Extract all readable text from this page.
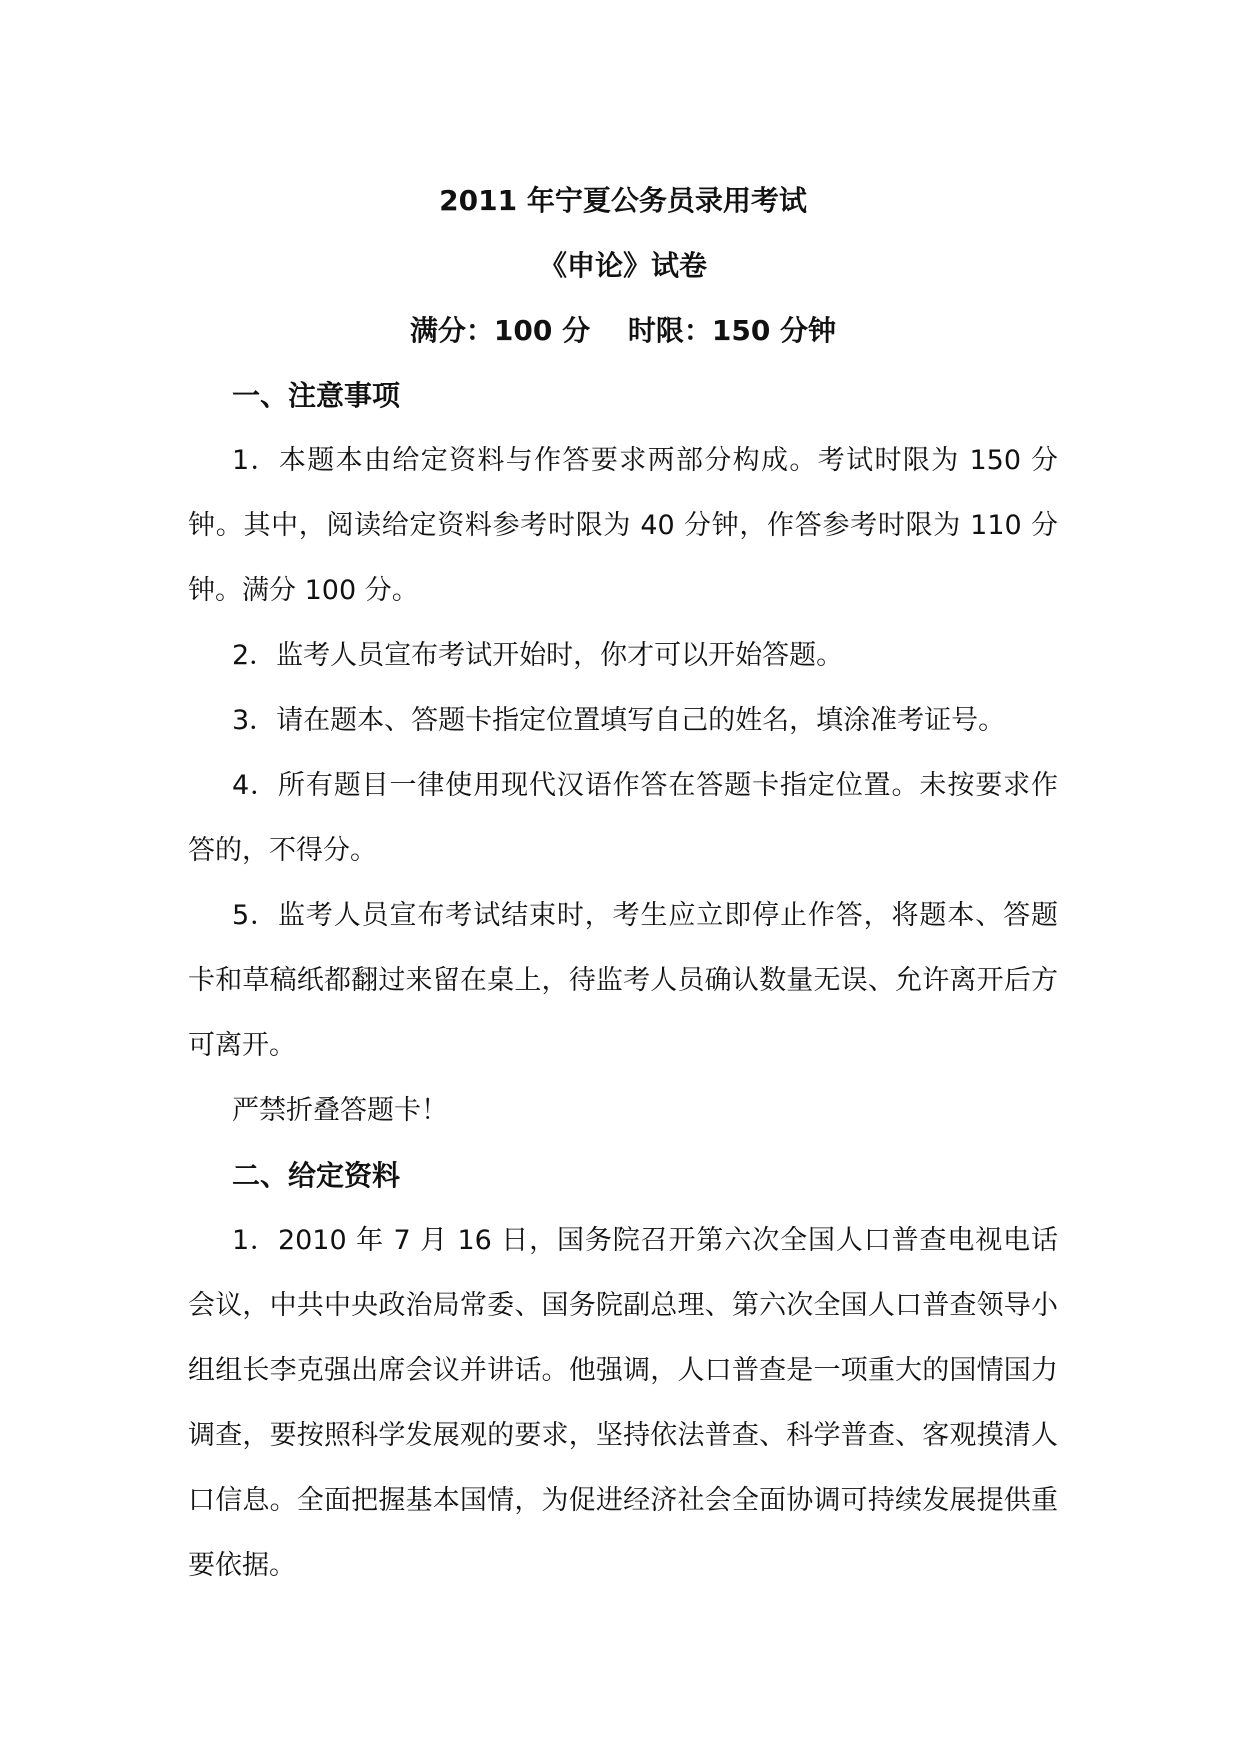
2011 年宁夏公务员录用考试

《申论》试卷

满分：100 分　 时限：150 分钟

一、注意事项

1．本题本由给定资料与作答要求两部分构成。考试时限为 150 分钟。其中，阅读给定资料参考时限为 40 分钟，作答参考时限为 110 分钟。满分 100 分。

2．监考人员宣布考试开始时，你才可以开始答题。

3．请在题本、答题卡指定位置填写自己的姓名，填涂准考证号。

4．所有题目一律使用现代汉语作答在答题卡指定位置。未按要求作答的，不得分。

5．监考人员宣布考试结束时，考生应立即停止作答，将题本、答题卡和草稿纸都翻过来留在桌上，待监考人员确认数量无误、允许离开后方可离开。

严禁折叠答题卡！

二、给定资料

1．2010 年 7 月 16 日，国务院召开第六次全国人口普查电视电话会议，中共中央政治局常委、国务院副总理、第六次全国人口普查领导小组组长李克强出席会议并讲话。他强调，人口普查是一项重大的国情国力调查，要按照科学发展观的要求，坚持依法普查、科学普查、客观摸清人口信息。全面把握基本国情，为促进经济社会全面协调可持续发展提供重要依据。
